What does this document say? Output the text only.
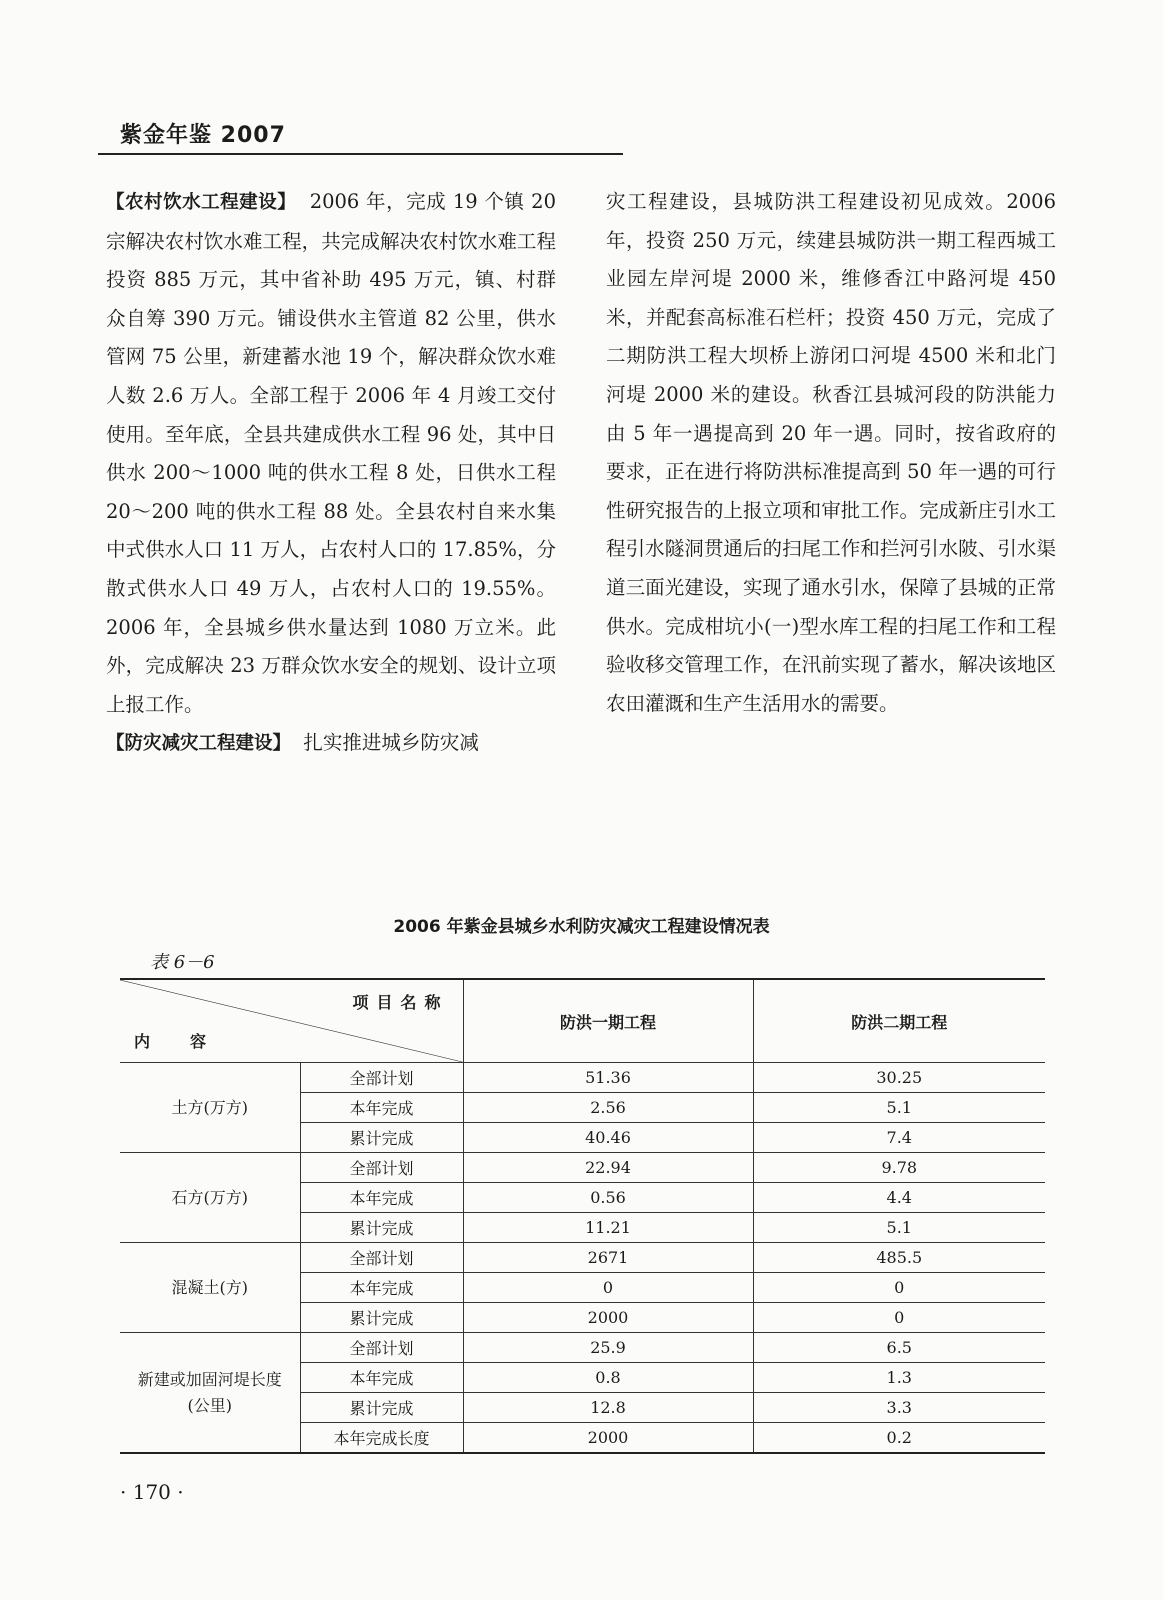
紫金年鉴 2007

【农村饮水工程建设】 2006 年，完成 19 个镇 20 宗解决农村饮水难工程，共完成解决农村饮水难工程投资 885 万元，其中省补助 495 万元，镇、村群众自筹 390 万元。铺设供水主管道 82 公里，供水管网 75 公里，新建蓄水池 19 个，解决群众饮水难人数 2.6 万人。全部工程于 2006 年 4 月竣工交付使用。至年底，全县共建成供水工程 96 处，其中日供水 200～1000 吨的供水工程 8 处，日供水工程 20～200 吨的供水工程 88 处。全县农村自来水集中式供水人口 11 万人，占农村人口的 17.85%，分散式供水人口 49 万人，占农村人口的 19.55%。2006 年，全县城乡供水量达到 1080 万立米。此外，完成解决 23 万群众饮水安全的规划、设计立项上报工作。

【防灾减灾工程建设】 扎实推进城乡防灾减

灾工程建设，县城防洪工程建设初见成效。2006 年，投资 250 万元，续建县城防洪一期工程西城工业园左岸河堤 2000 米，维修香江中路河堤 450 米，并配套高标准石栏杆；投资 450 万元，完成了二期防洪工程大坝桥上游闭口河堤 4500 米和北门河堤 2000 米的建设。秋香江县城河段的防洪能力由 5 年一遇提高到 20 年一遇。同时，按省政府的要求，正在进行将防洪标准提高到 50 年一遇的可行性研究报告的上报立项和审批工作。完成新庄引水工程引水隧洞贯通后的扫尾工作和拦河引水陂、引水渠道三面光建设，实现了通水引水，保障了县城的正常供水。完成柑坑小(一)型水库工程的扫尾工作和工程验收移交管理工作，在汛前实现了蓄水，解决该地区农田灌溉和生产生活用水的需要。

2006 年紫金县城乡水利防灾减灾工程建设情况表
表 6－6
项目名称
内容		防洪一期工程	防洪二期工程
土方(万方)	全部计划	51.36	30.25
	本年完成	2.56	5.1
	累计完成	40.46	7.4
石方(万方)	全部计划	22.94	9.78
	本年完成	0.56	4.4
	累计完成	11.21	5.1
混凝土(方)	全部计划	2671	485.5
	本年完成	0	0
	累计完成	2000	0
新建或加固河堤长度
(公里)	全部计划	25.9	6.5
	本年完成	0.8	1.3
	累计完成	12.8	3.3
	本年完成长度	2000	0.2
· 170 ·
